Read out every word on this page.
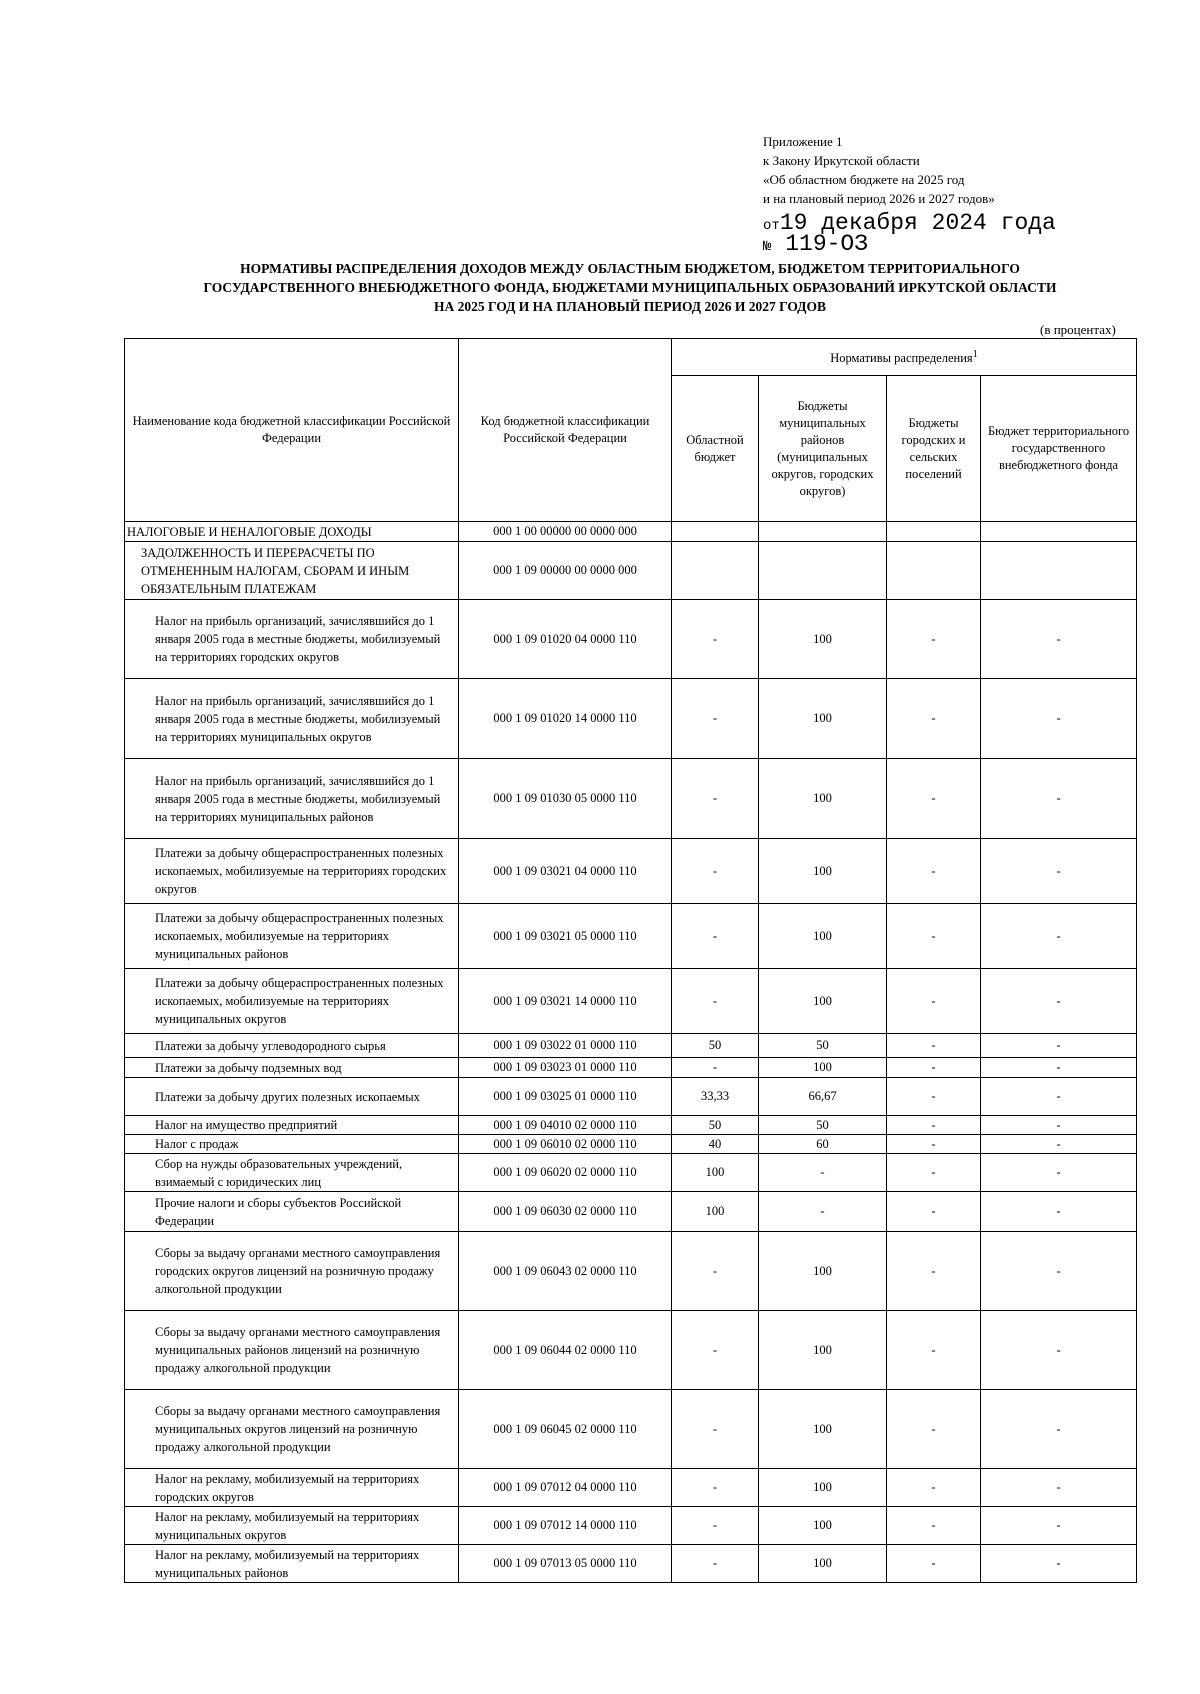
Приложение 1
к Закону Иркутской области
«Об областном бюджете на 2025 год
и на плановый период 2026 и 2027 годов»
от19 декабря 2024 года
№ 119-ОЗ
НОРМАТИВЫ РАСПРЕДЕЛЕНИЯ ДОХОДОВ МЕЖДУ ОБЛАСТНЫМ БЮДЖЕТОМ, БЮДЖЕТОМ ТЕРРИТОРИАЛЬНОГО
ГОСУДАРСТВЕННОГО ВНЕБЮДЖЕТНОГО ФОНДА, БЮДЖЕТАМИ МУНИЦИПАЛЬНЫХ ОБРАЗОВАНИЙ ИРКУТСКОЙ ОБЛАСТИ
НА 2025 ГОД И НА ПЛАНОВЫЙ ПЕРИОД 2026 И 2027 ГОДОВ
(в процентах)
Наименование кода бюджетной классификации Российской Федерации	Код бюджетной классификации Российской Федерации	Нормативы распределения$^1$
		Областной бюджет	Бюджеты муниципальных районов (муниципальных округов, городских округов)	Бюджеты городских и сельских поселений	Бюджет территориального государственного внебюджетного фонда
НАЛОГОВЫЕ И НЕНАЛОГОВЫЕ ДОХОДЫ	000 1 00 00000 00 0000 000				
ЗАДОЛЖЕННОСТЬ И ПЕРЕРАСЧЕТЫ ПО ОТМЕНЕННЫМ НАЛОГАМ, СБОРАМ И ИНЫМ ОБЯЗАТЕЛЬНЫМ ПЛАТЕЖАМ	000 1 09 00000 00 0000 000				
Налог на прибыль организаций, зачислявшийся до 1 января 2005 года в местные бюджеты, мобилизуемый на территориях городских округов	000 1 09 01020 04 0000 110	-	100	-	-
Налог на прибыль организаций, зачислявшийся до 1 января 2005 года в местные бюджеты, мобилизуемый на территориях муниципальных округов	000 1 09 01020 14 0000 110	-	100	-	-
Налог на прибыль организаций, зачислявшийся до 1 января 2005 года в местные бюджеты, мобилизуемый на территориях муниципальных районов	000 1 09 01030 05 0000 110	-	100	-	-
Платежи за добычу общераспространенных полезных ископаемых, мобилизуемые на территориях городских округов	000 1 09 03021 04 0000 110	-	100	-	-
Платежи за добычу общераспространенных полезных ископаемых, мобилизуемые на территориях муниципальных районов	000 1 09 03021 05 0000 110	-	100	-	-
Платежи за добычу общераспространенных полезных ископаемых, мобилизуемые на территориях муниципальных округов	000 1 09 03021 14 0000 110	-	100	-	-
Платежи за добычу углеводородного сырья	000 1 09 03022 01 0000 110	50	50	-	-
Платежи за добычу подземных вод	000 1 09 03023 01 0000 110	-	100	-	-
Платежи за добычу других полезных ископаемых	000 1 09 03025 01 0000 110	33,33	66,67	-	-
Налог на имущество предприятий	000 1 09 04010 02 0000 110	50	50	-	-
Налог с продаж	000 1 09 06010 02 0000 110	40	60	-	-
Сбор на нужды образовательных учреждений, взимаемый с юридических лиц	000 1 09 06020 02 0000 110	100	-	-	-
Прочие налоги и сборы субъектов Российской Федерации	000 1 09 06030 02 0000 110	100	-	-	-
Сборы за выдачу органами местного самоуправления городских округов лицензий на розничную продажу алкогольной продукции	000 1 09 06043 02 0000 110	-	100	-	-
Сборы за выдачу органами местного самоуправления муниципальных районов лицензий на розничную продажу алкогольной продукции	000 1 09 06044 02 0000 110	-	100	-	-
Сборы за выдачу органами местного самоуправления муниципальных округов лицензий на розничную продажу алкогольной продукции	000 1 09 06045 02 0000 110	-	100	-	-
Налог на рекламу, мобилизуемый на территориях городских округов	000 1 09 07012 04 0000 110	-	100	-	-
Налог на рекламу, мобилизуемый на территориях муниципальных округов	000 1 09 07012 14 0000 110	-	100	-	-
Налог на рекламу, мобилизуемый на территориях муниципальных районов	000 1 09 07013 05 0000 110	-	100	-	-
